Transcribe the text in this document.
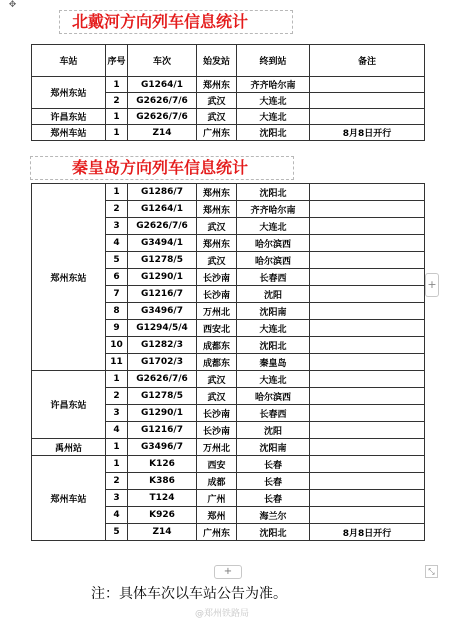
✥
北戴河方向列车信息统计
车站	序号	车次	始发站	终到站	备注
郑州东站	1	G1264/1	郑州东	齐齐哈尔南	
	2	G2626/7/6	武汉	大连北	
许昌东站	1	G2626/7/6	武汉	大连北	
郑州车站	1	Z14	广州东	沈阳北	8月8日开行
秦皇岛方向列车信息统计
郑州东站	1	G1286/7	郑州东	沈阳北	
	2	G1264/1	郑州东	齐齐哈尔南	
	3	G2626/7/6	武汉	大连北	
	4	G3494/1	郑州东	哈尔滨西	
	5	G1278/5	武汉	哈尔滨西	
	6	G1290/1	长沙南	长春西	
	7	G1216/7	长沙南	沈阳	
	8	G3496/7	万州北	沈阳南	
	9	G1294/5/4	西安北	大连北	
	10	G1282/3	成都东	沈阳北	
	11	G1702/3	成都东	秦皇岛	
许昌东站	1	G2626/7/6	武汉	大连北	
	2	G1278/5	武汉	哈尔滨西	
	3	G1290/1	长沙南	长春西	
	4	G1216/7	长沙南	沈阳	
禹州站	1	G3496/7	万州北	沈阳南	
郑州车站	1	K126	西安	长春	
	2	K386	成都	长春	
	3	T124	广州	长春	
	4	K926	郑州	海兰尔	
	5	Z14	广州东	沈阳北	8月8日开行
+
+	⤡
注：具体车次以车站公告为准。
@郑州铁路局
